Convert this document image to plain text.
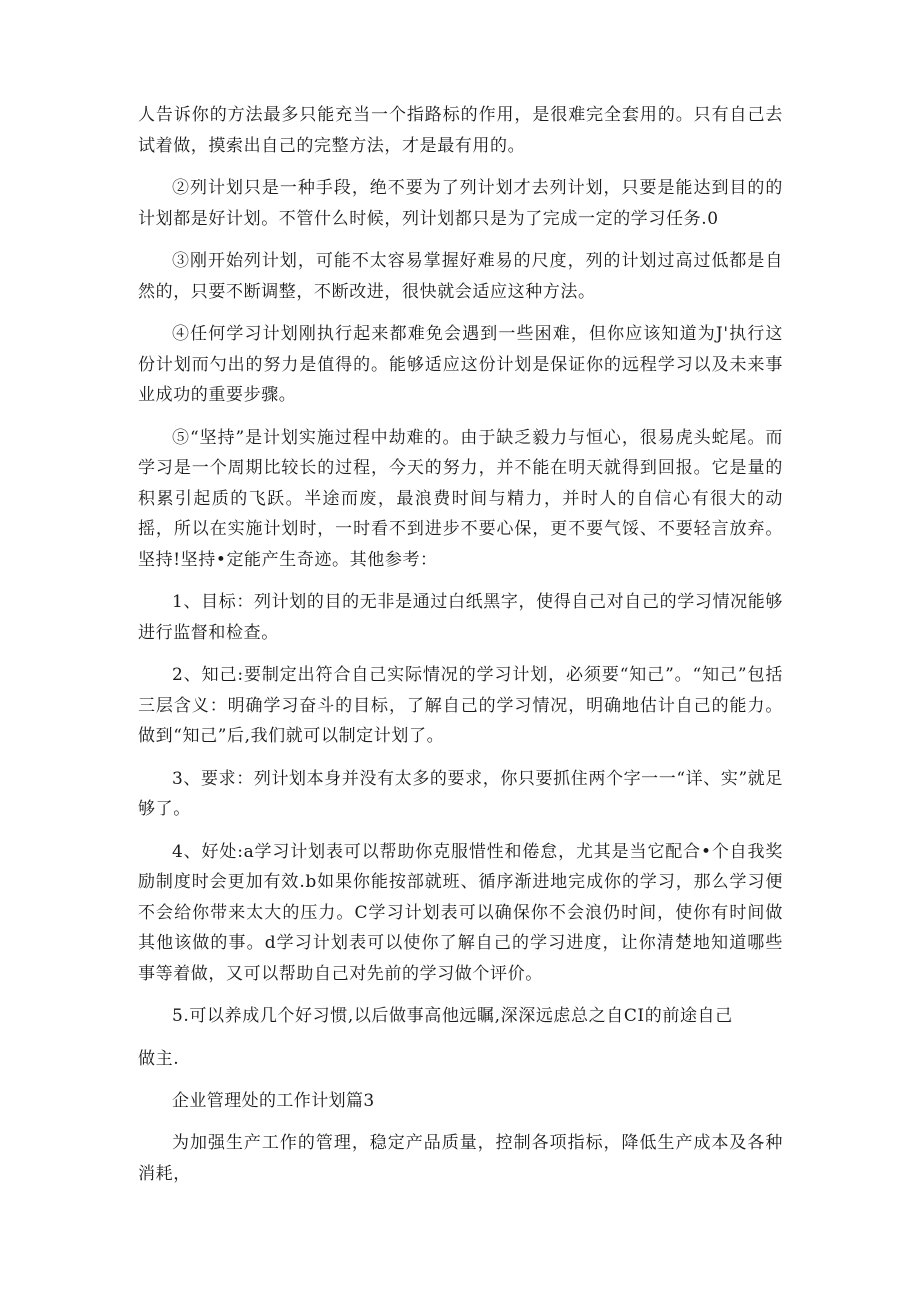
人告诉你的方法最多只能充当一个指路标的作用，是很难完全套用的。只有自己去试着做，摸索出自己的完整方法，才是最有用的。

②列计划只是一种手段，绝不要为了列计划才去列计划，只要是能达到目的的计划都是好计划。不管什么时候，列计划都只是为了完成一定的学习任务.0

③刚开始列计划，可能不太容易掌握好难易的尺度，列的计划过高过低都是自然的，只要不断调整，不断改进，很快就会适应这种方法。

④任何学习计划刚执行起来都难免会遇到一些困难，但你应该知道为J'执行这份计划而勺出的努力是值得的。能够适应这份计划是保证你的远程学习以及未来事业成功的重要步骤。

⑤“坚持”是计划实施过程中劫难的。由于缺乏毅力与恒心，很易虎头蛇尾。而学习是一个周期比较长的过程，今天的努力，并不能在明天就得到回报。它是量的积累引起质的飞跃。半途而废，最浪费时间与精力，并时人的自信心有很大的动摇，所以在实施计划时，一时看不到进步不要心保，更不要气馁、不要轻言放弃。坚持!坚持•定能产生奇迹。其他参考：

1、目标：列计划的目的无非是通过白纸黑字，使得自己对自己的学习情况能够进行监督和检查。

2、知己:要制定出符合自己实际情况的学习计划，必须要“知己”。“知己”包括三层含义：明确学习奋斗的目标，了解自己的学习情况，明确地估计自己的能力。做到“知己”后,我们就可以制定计划了。

3、要求：列计划本身并没有太多的要求，你只要抓住两个字一一“详、实”就足够了。

4、好处:a学习计划表可以帮助你克服惜性和倦怠，尤其是当它配合•个自我奖励制度时会更加有效.b如果你能按部就班、循序渐进地完成你的学习，那么学习便不会给你带来太大的压力。C学习计划表可以确保你不会浪仍时间，使你有时间做其他该做的事。d学习计划表可以使你了解自己的学习进度，让你清楚地知道哪些事等着做，又可以帮助自己对先前的学习做个评价。

5.可以养成几个好习惯,以后做事高他远瞩,深深远虑总之自CI的前途自己

做主.

企业管理处的工作计划篇3

为加强生产工作的管理，稳定产品质量，控制各项指标，降低生产成本及各种消耗，
